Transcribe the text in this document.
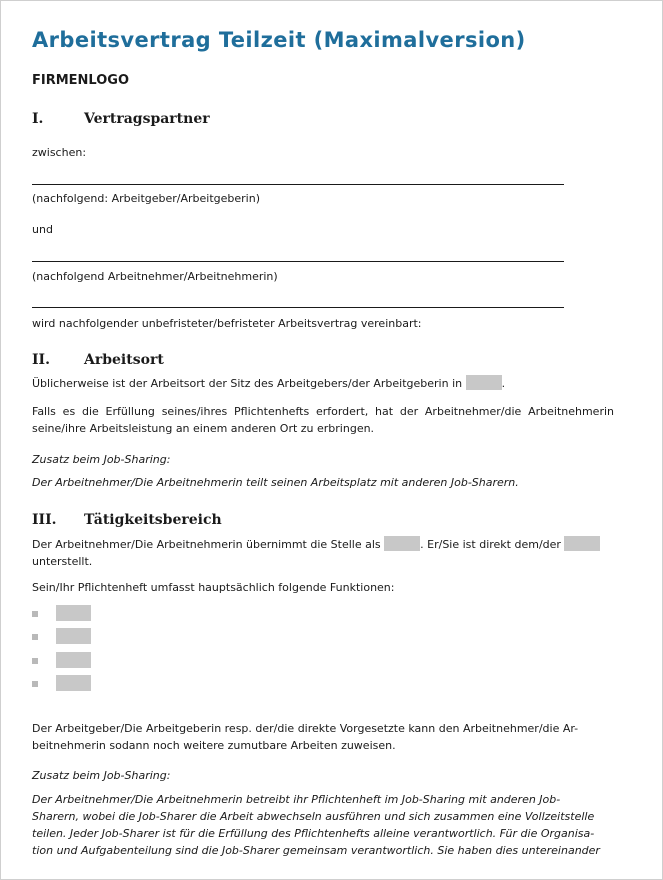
Arbeitsvertrag Teilzeit (Maximalversion)
FIRMENLOGO
I.	Vertragspartner
zwischen:
(nachfolgend: Arbeitgeber/Arbeitgeberin)
und
(nachfolgend Arbeitnehmer/Arbeitnehmerin)
wird nachfolgender unbefristeter/befristeter Arbeitsvertrag vereinbart:
II. Arbeitsort
Üblicherweise ist der Arbeitsort der Sitz des Arbeitgebers/der Arbeitgeberin in	.
Falls es die Erfüllung seines/ihres Pflichtenhefts erfordert, hat der Arbeitnehmer/die Arbeitnehmerin seine/ihre Arbeitsleistung an einem anderen Ort zu erbringen.
Zusatz beim Job-Sharing:
Der Arbeitnehmer/Die Arbeitnehmerin teilt seinen Arbeitsplatz mit anderen Job-Sharern.
III. Tätigkeitsbereich
Der Arbeitnehmer/Die Arbeitnehmerin übernimmt die Stelle als	. Er/Sie ist direkt dem/der
unterstellt.
Sein/Ihr Pflichtenheft umfasst hauptsächlich folgende Funktionen:
Der Arbeitgeber/Die Arbeitgeberin resp. der/die direkte Vorgesetzte kann den Arbeitnehmer/die Ar-
beitnehmerin sodann noch weitere zumutbare Arbeiten zuweisen.
Zusatz beim Job-Sharing:
Der Arbeitnehmer/Die Arbeitnehmerin betreibt ihr Pflichtenheft im Job-Sharing mit anderen Job-
Sharern, wobei die Job-Sharer die Arbeit abwechseln ausführen und sich zusammen eine Vollzeitstelle
teilen. Jeder Job-Sharer ist für die Erfüllung des Pflichtenhefts alleine verantwortlich. Für die Organisa-
tion und Aufgabenteilung sind die Job-Sharer gemeinsam verantwortlich. Sie haben dies untereinander
